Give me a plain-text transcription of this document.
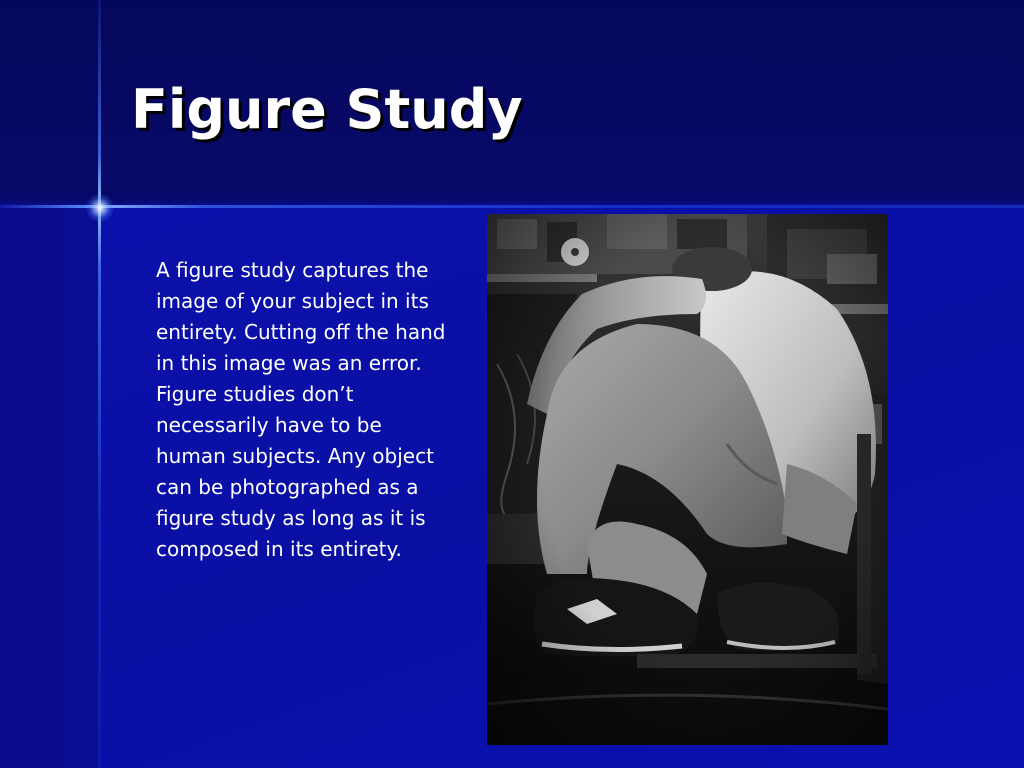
Figure Study

A figure study captures the image of your subject in its entirety. Cutting off the hand in this image was an error. Figure studies don’t necessarily have to be human subjects. Any object can be photographed as a figure study as long as it is composed in its entirety.
